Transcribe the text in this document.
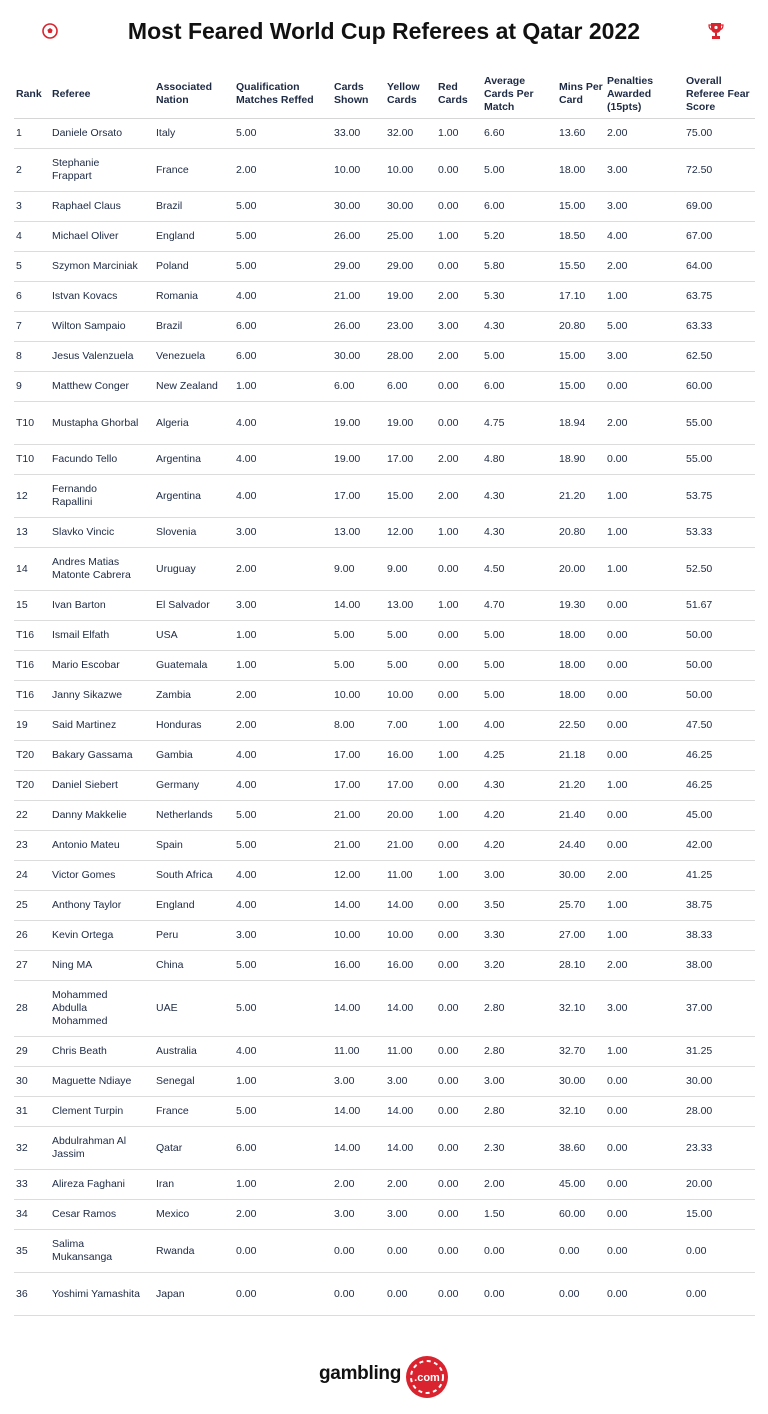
Most Feared World Cup Referees at Qatar 2022
Rank	Referee	Associated Nation	Qualification Matches Reffed	Cards Shown	Yellow Cards	Red Cards	Average Cards Per Match	Mins Per Card	Penalties Awarded (15pts)	Overall Referee Fear Score
1	Daniele Orsato	Italy	5.00	33.00	32.00	1.00	6.60	13.60	2.00	75.00
2	Stephanie Frappart	France	2.00	10.00	10.00	0.00	5.00	18.00	3.00	72.50
3	Raphael Claus	Brazil	5.00	30.00	30.00	0.00	6.00	15.00	3.00	69.00
4	Michael Oliver	England	5.00	26.00	25.00	1.00	5.20	18.50	4.00	67.00
5	Szymon Marciniak	Poland	5.00	29.00	29.00	0.00	5.80	15.50	2.00	64.00
6	Istvan Kovacs	Romania	4.00	21.00	19.00	2.00	5.30	17.10	1.00	63.75
7	Wilton Sampaio	Brazil	6.00	26.00	23.00	3.00	4.30	20.80	5.00	63.33
8	Jesus Valenzuela	Venezuela	6.00	30.00	28.00	2.00	5.00	15.00	3.00	62.50
9	Matthew Conger	New Zealand	1.00	6.00	6.00	0.00	6.00	15.00	0.00	60.00
T10	Mustapha Ghorbal	Algeria	4.00	19.00	19.00	0.00	4.75	18.94	2.00	55.00
T10	Facundo Tello	Argentina	4.00	19.00	17.00	2.00	4.80	18.90	0.00	55.00
12	Fernando Rapallini	Argentina	4.00	17.00	15.00	2.00	4.30	21.20	1.00	53.75
13	Slavko Vincic	Slovenia	3.00	13.00	12.00	1.00	4.30	20.80	1.00	53.33
14	Andres Matias Matonte Cabrera	Uruguay	2.00	9.00	9.00	0.00	4.50	20.00	1.00	52.50
15	Ivan Barton	El Salvador	3.00	14.00	13.00	1.00	4.70	19.30	0.00	51.67
T16	Ismail Elfath	USA	1.00	5.00	5.00	0.00	5.00	18.00	0.00	50.00
T16	Mario Escobar	Guatemala	1.00	5.00	5.00	0.00	5.00	18.00	0.00	50.00
T16	Janny Sikazwe	Zambia	2.00	10.00	10.00	0.00	5.00	18.00	0.00	50.00
19	Said Martinez	Honduras	2.00	8.00	7.00	1.00	4.00	22.50	0.00	47.50
T20	Bakary Gassama	Gambia	4.00	17.00	16.00	1.00	4.25	21.18	0.00	46.25
T20	Daniel Siebert	Germany	4.00	17.00	17.00	0.00	4.30	21.20	1.00	46.25
22	Danny Makkelie	Netherlands	5.00	21.00	20.00	1.00	4.20	21.40	0.00	45.00
23	Antonio Mateu	Spain	5.00	21.00	21.00	0.00	4.20	24.40	0.00	42.00
24	Victor Gomes	South Africa	4.00	12.00	11.00	1.00	3.00	30.00	2.00	41.25
25	Anthony Taylor	England	4.00	14.00	14.00	0.00	3.50	25.70	1.00	38.75
26	Kevin Ortega	Peru	3.00	10.00	10.00	0.00	3.30	27.00	1.00	38.33
27	Ning MA	China	5.00	16.00	16.00	0.00	3.20	28.10	2.00	38.00
28	Mohammed Abdulla Mohammed	UAE	5.00	14.00	14.00	0.00	2.80	32.10	3.00	37.00
29	Chris Beath	Australia	4.00	11.00	11.00	0.00	2.80	32.70	1.00	31.25
30	Maguette Ndiaye	Senegal	1.00	3.00	3.00	0.00	3.00	30.00	0.00	30.00
31	Clement Turpin	France	5.00	14.00	14.00	0.00	2.80	32.10	0.00	28.00
32	Abdulrahman Al Jassim	Qatar	6.00	14.00	14.00	0.00	2.30	38.60	0.00	23.33
33	Alireza Faghani	Iran	1.00	2.00	2.00	0.00	2.00	45.00	0.00	20.00
34	Cesar Ramos	Mexico	2.00	3.00	3.00	0.00	1.50	60.00	0.00	15.00
35	Salima Mukansanga	Rwanda	0.00	0.00	0.00	0.00	0.00	0.00	0.00	0.00
36	Yoshimi Yamashita	Japan	0.00	0.00	0.00	0.00	0.00	0.00	0.00	0.00
gambling .com
